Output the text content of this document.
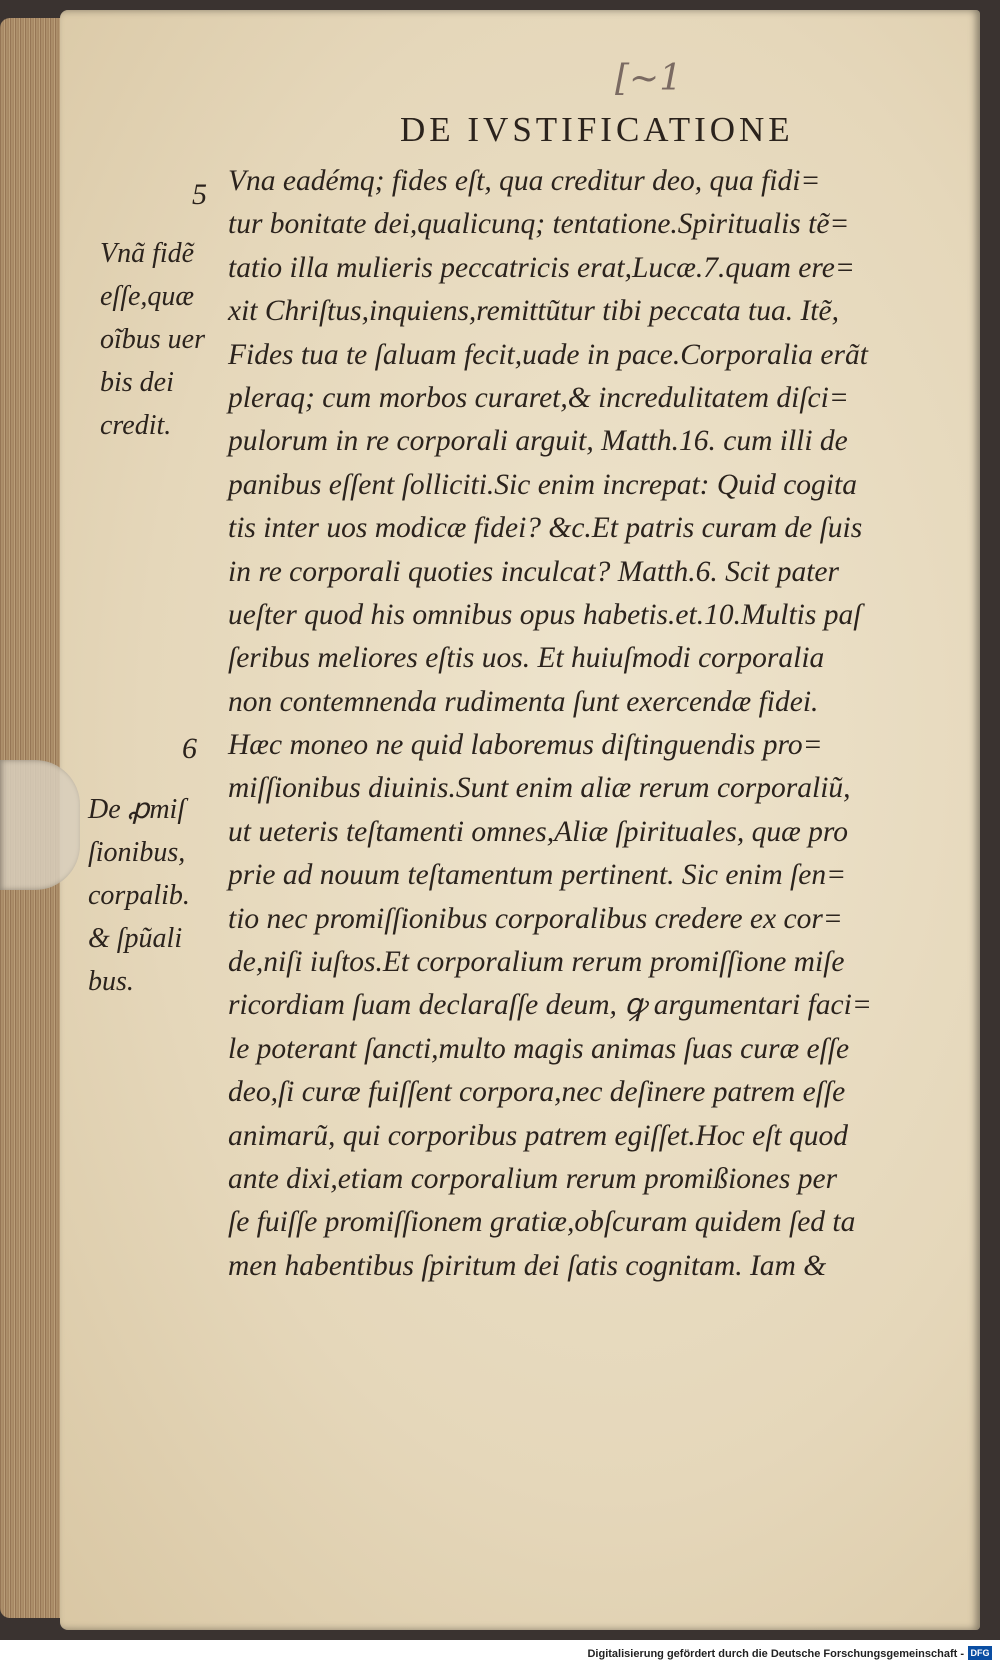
[~1
DE IVSTIFICATIONE
5
Vnã fidẽ
eſſe,quæ
oĩbus uer
bis dei
credit.
6
De ꝓmiſ
ſionibus,
corpalib.
& ſpũali
bus.
Vna eadémq; fides eſt, qua creditur deo, qua fidi=
tur bonitate dei,qualicunq; tentatione.Spiritualis tẽ=
tatio illa mulieris peccatricis erat,Lucæ.7.quam ere=
xit Chriſtus,inquiens,remittũtur tibi peccata tua. Itẽ,
Fides tua te ſaluam fecit,uade in pace.Corporalia erãt
pleraq; cum morbos curaret,& incredulitatem diſci=
pulorum in re corporali arguit, Matth.16. cum illi de
panibus eſſent ſolliciti.Sic enim increpat: Quid cogita
tis inter uos modicæ fidei? &c.Et patris curam de ſuis
in re corporali quoties inculcat? Matth.6. Scit pater
ueſter quod his omnibus opus habetis.et.10.Multis paſ
ſeribus meliores eſtis uos. Et huiuſmodi corporalia
non contemnenda rudimenta ſunt exercendæ fidei.
Hæc moneo ne quid laboremus diſtinguendis pro=
miſſionibus diuinis.Sunt enim aliæ rerum corporaliũ,
ut ueteris teſtamenti omnes,Aliæ ſpirituales, quæ pro
prie ad nouum teſtamentum pertinent. Sic enim ſen=
tio nec promiſſionibus corporalibus credere ex cor=
de,niſi iuſtos.Et corporalium rerum promiſſione miſe
ricordiam ſuam declaraſſe deum, ꝙ argumentari faci=
le poterant ſancti,multo magis animas ſuas curæ eſſe
deo,ſi curæ fuiſſent corpora,nec deſinere patrem eſſe
animarũ, qui corporibus patrem egiſſet.Hoc eſt quod
ante dixi,etiam corporalium rerum promißiones per
ſe fuiſſe promiſſionem gratiæ,obſcuram quidem ſed ta
men habentibus ſpiritum dei ſatis cognitam. Iam &
Digitalisierung gefördert durch die Deutsche Forschungsgemeinschaft - DFG
